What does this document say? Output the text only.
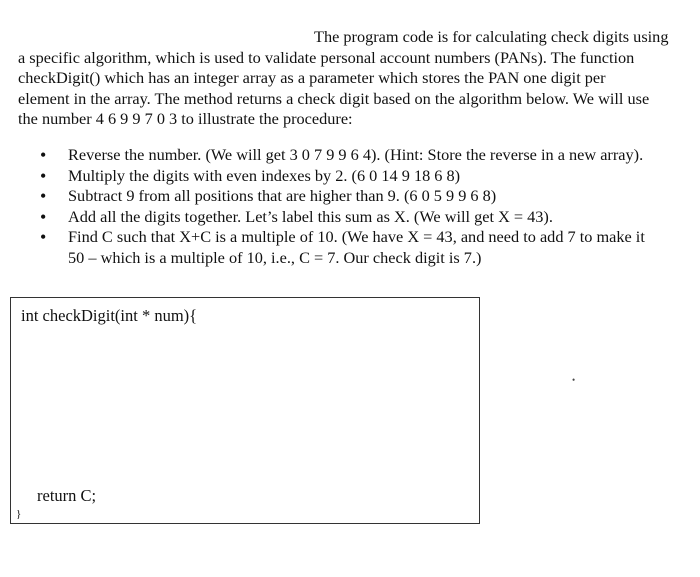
The program code is for calculating check digits using
a specific algorithm, which is used to validate personal account numbers (PANs). The function
checkDigit() which has an integer array as a parameter which stores the PAN one digit per
element in the array. The method returns a check digit based on the algorithm below. We will use
the number 4 6 9 9 7 0 3 to illustrate the procedure:
• Reverse the number. (We will get 3 0 7 9 9 6 4). (Hint: Store the reverse in a new array).
• Multiply the digits with even indexes by 2. (6 0 14 9 18 6 8)
• Subtract 9 from all positions that are higher than 9. (6 0 5 9 9 6 8)
• Add all the digits together. Let’s label this sum as X. (We will get X = 43).
• Find C such that X+C is a multiple of 10. (We have X = 43, and need to add 7 to make it
50 – which is a multiple of 10, i.e., C = 7. Our check digit is 7.)
int checkDigit(int * num){
return C;
}
•
